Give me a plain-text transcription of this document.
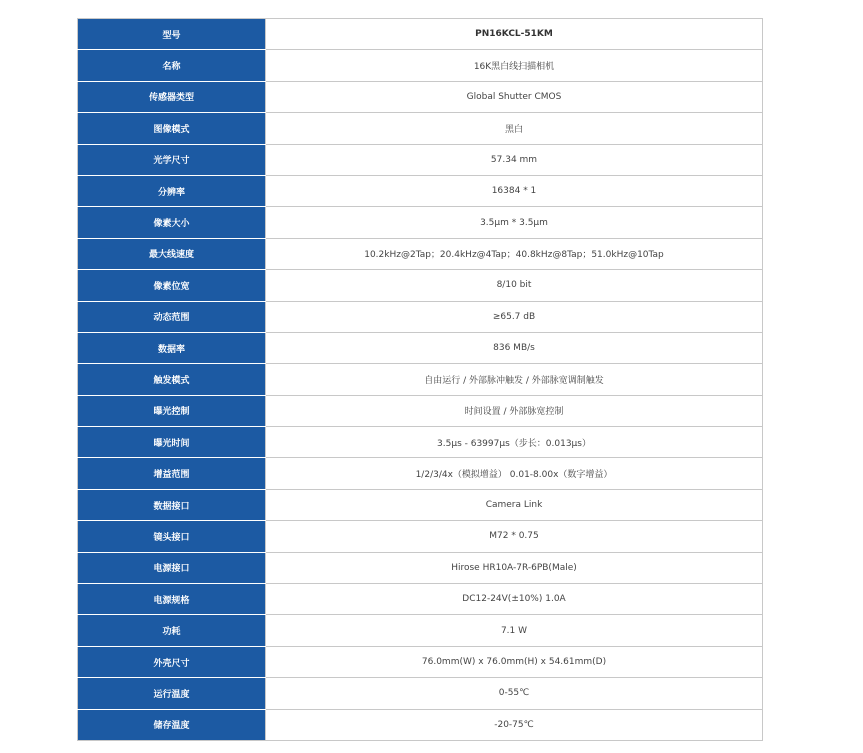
型号	PN16KCL-51KM
名称	16K黑白线扫描相机
传感器类型	Global Shutter CMOS
图像模式	黑白
光学尺寸	57.34 mm
分辨率	16384 * 1
像素大小	3.5μm * 3.5μm
最大线速度	10.2kHz@2Tap；20.4kHz@4Tap；40.8kHz@8Tap；51.0kHz@10Tap
像素位宽	8/10 bit
动态范围	≥65.7 dB
数据率	836 MB/s
触发模式	自由运行 / 外部脉冲触发 / 外部脉宽调制触发
曝光控制	时间设置 / 外部脉宽控制
曝光时间	3.5μs - 63997μs（步长：0.013μs）
增益范围	1/2/3/4x（模拟增益） 0.01-8.00x（数字增益）
数据接口	Camera Link
镜头接口	M72 * 0.75
电源接口	Hirose HR10A-7R-6PB(Male)
电源规格	DC12-24V(±10%) 1.0A
功耗	7.1 W
外壳尺寸	76.0mm(W) x 76.0mm(H) x 54.61mm(D)
运行温度	0-55℃
储存温度	-20-75℃
